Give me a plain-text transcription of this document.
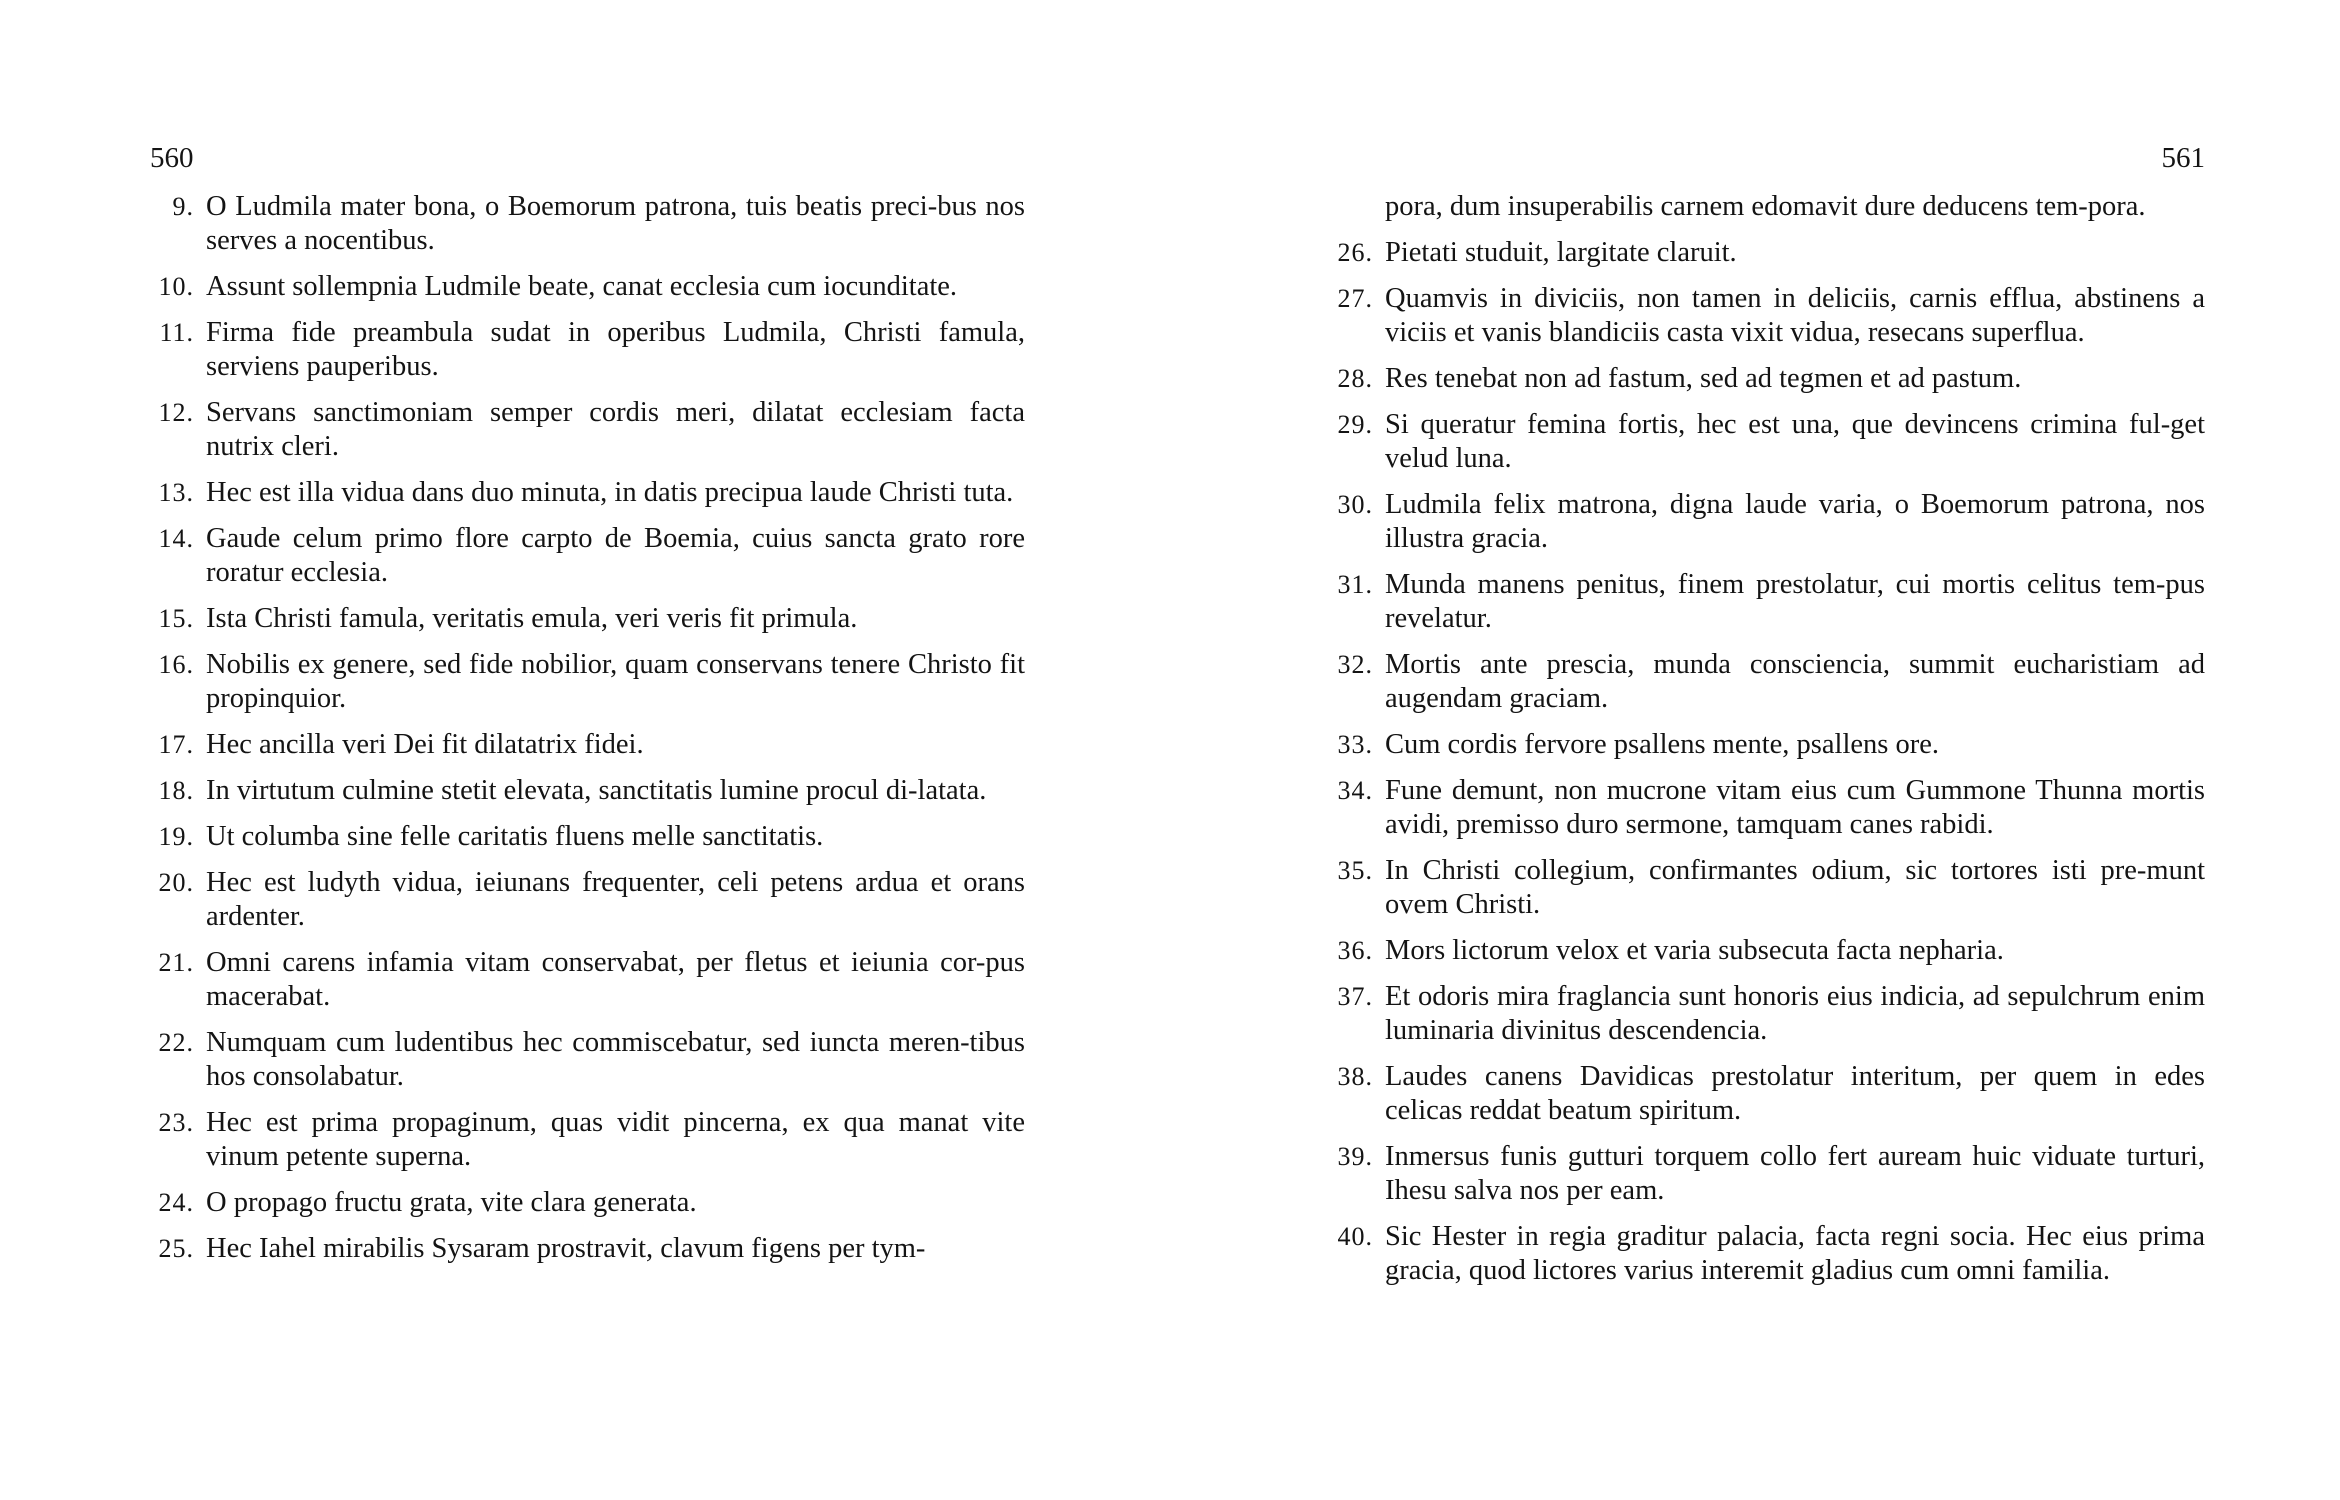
560
9. O Ludmila mater bona, o Boemorum patrona, tuis beatis preci-bus nos serves a nocentibus.
10. Assunt sollempnia Ludmile beate, canat ecclesia cum iocunditate.
11. Firma fide preambula sudat in operibus Ludmila, Christi famula, serviens pauperibus.
12. Servans sanctimoniam semper cordis meri, dilatat ecclesiam facta nutrix cleri.
13. Hec est illa vidua dans duo minuta, in datis precipua laude Christi tuta.
14. Gaude celum primo flore carpto de Boemia, cuius sancta grato rore roratur ecclesia.
15. Ista Christi famula, veritatis emula, veri veris fit primula.
16. Nobilis ex genere, sed fide nobilior, quam conservans tenere Christo fit propinquior.
17. Hec ancilla veri Dei fit dilatatrix fidei.
18. In virtutum culmine stetit elevata, sanctitatis lumine procul di-latata.
19. Ut columba sine felle caritatis fluens melle sanctitatis.
20. Hec est ludyth vidua, ieiunans frequenter, celi petens ardua et orans ardenter.
21. Omni carens infamia vitam conservabat, per fletus et ieiunia cor-pus macerabat.
22. Numquam cum ludentibus hec commiscebatur, sed iuncta meren-tibus hos consolabatur.
23. Hec est prima propaginum, quas vidit pincerna, ex qua manat vite vinum petente superna.
24. O propago fructu grata, vite clara generata.
25. Hec Iahel mirabilis Sysaram prostravit, clavum figens per tym-
561
pora, dum insuperabilis carnem edomavit dure deducens tem-pora.
26. Pietati studuit, largitate claruit.
27. Quamvis in diviciis, non tamen in deliciis, carnis efflua, abstinens a viciis et vanis blandiciis casta vixit vidua, resecans superflua.
28. Res tenebat non ad fastum, sed ad tegmen et ad pastum.
29. Si queratur femina fortis, hec est una, que devincens crimina ful-get velud luna.
30. Ludmila felix matrona, digna laude varia, o Boemorum patrona, nos illustra gracia.
31. Munda manens penitus, finem prestolatur, cui mortis celitus tem-pus revelatur.
32. Mortis ante prescia, munda consciencia, summit eucharistiam ad augendam graciam.
33. Cum cordis fervore psallens mente, psallens ore.
34. Fune demunt, non mucrone vitam eius cum Gummone Thunna mortis avidi, premisso duro sermone, tamquam canes rabidi.
35. In Christi collegium, confirmantes odium, sic tortores isti pre-munt ovem Christi.
36. Mors lictorum velox et varia subsecuta facta nepharia.
37. Et odoris mira fraglancia sunt honoris eius indicia, ad sepulchrum enim luminaria divinitus descendencia.
38. Laudes canens Davidicas prestolatur interitum, per quem in edes celicas reddat beatum spiritum.
39. Inmersus funis gutturi torquem collo fert auream huic viduate turturi, Ihesu salva nos per eam.
40. Sic Hester in regia graditur palacia, facta regni socia. Hec eius prima gracia, quod lictores varius interemit gladius cum omni familia.
